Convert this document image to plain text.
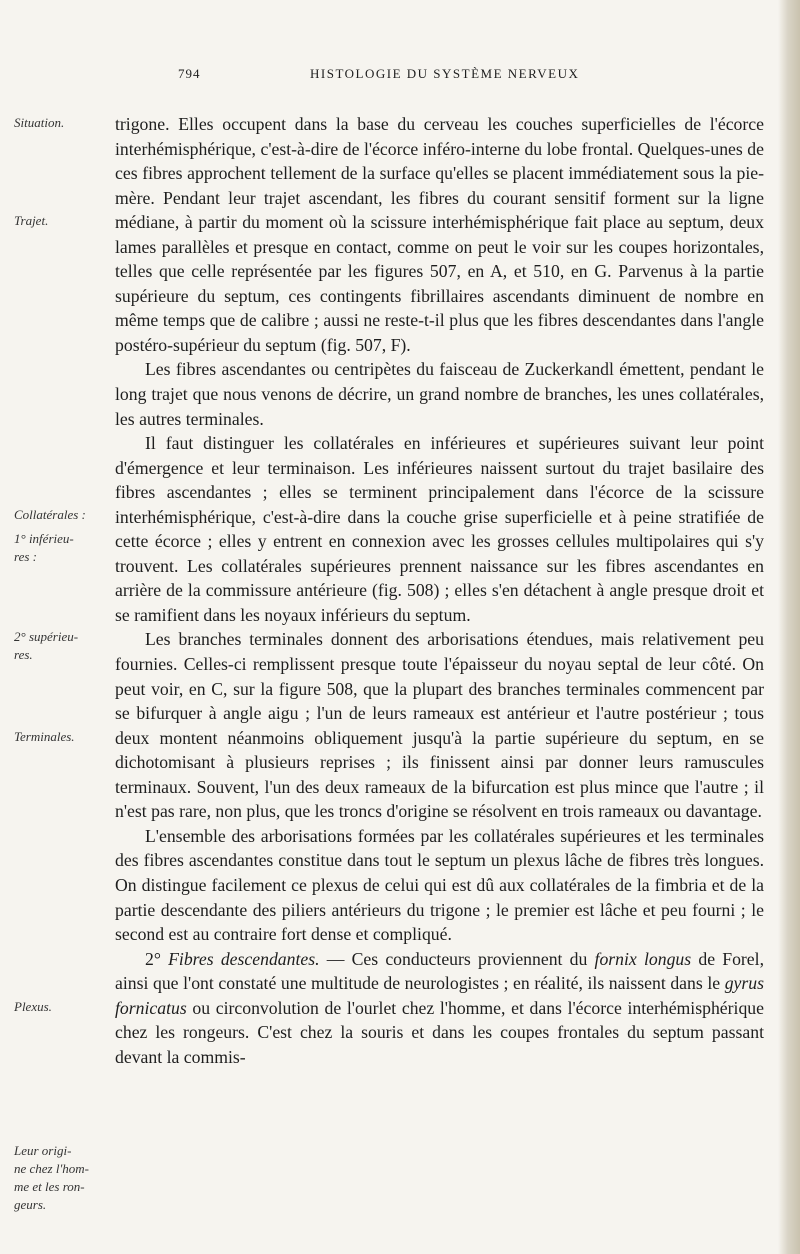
794	HISTOLOGIE DU SYSTÈME NERVEUX
Situation.
Trajet.
Collatérales :
1° inférieu-
res :
2° supérieu-
res.
Terminales.
Plexus.
Leur origi-
ne chez l'hom-
me et les ron-
geurs.

trigone. Elles occupent dans la base du cerveau les couches superficielles de l'écorce interhémisphérique, c'est-à-dire de l'écorce inféro-interne du lobe frontal. Quelques-unes de ces fibres approchent tellement de la surface qu'elles se placent immédiatement sous la pie-mère. Pendant leur trajet ascendant, les fibres du courant sensitif forment sur la ligne médiane, à partir du moment où la scissure interhémisphérique fait place au septum, deux lames parallèles et presque en contact, comme on peut le voir sur les coupes horizontales, telles que celle représentée par les figures 507, en A, et 510, en G. Parvenus à la partie supérieure du septum, ces contingents fibrillaires ascendants diminuent de nombre en même temps que de calibre ; aussi ne reste-t-il plus que les fibres descendantes dans l'angle postéro-supérieur du septum (fig. 507, F).

Les fibres ascendantes ou centripètes du faisceau de Zuckerkandl émettent, pendant le long trajet que nous venons de décrire, un grand nombre de branches, les unes collatérales, les autres terminales.

Il faut distinguer les collatérales en inférieures et supérieures suivant leur point d'émergence et leur terminaison. Les inférieures naissent surtout du trajet basilaire des fibres ascendantes ; elles se terminent principalement dans l'écorce de la scissure interhémisphérique, c'est-à-dire dans la couche grise superficielle et à peine stratifiée de cette écorce ; elles y entrent en connexion avec les grosses cellules multipolaires qui s'y trouvent. Les collatérales supérieures prennent naissance sur les fibres ascendantes en arrière de la commissure antérieure (fig. 508) ; elles s'en détachent à angle presque droit et se ramifient dans les noyaux inférieurs du septum.

Les branches terminales donnent des arborisations étendues, mais relativement peu fournies. Celles-ci remplissent presque toute l'épaisseur du noyau septal de leur côté. On peut voir, en C, sur la figure 508, que la plupart des branches terminales commencent par se bifurquer à angle aigu ; l'un de leurs rameaux est antérieur et l'autre postérieur ; tous deux montent néanmoins obliquement jusqu'à la partie supérieure du septum, en se dichotomisant à plusieurs reprises ; ils finissent ainsi par donner leurs ramuscules terminaux. Souvent, l'un des deux rameaux de la bifurcation est plus mince que l'autre ; il n'est pas rare, non plus, que les troncs d'origine se résolvent en trois rameaux ou davantage.

L'ensemble des arborisations formées par les collatérales supérieures et les terminales des fibres ascendantes constitue dans tout le septum un plexus lâche de fibres très longues. On distingue facilement ce plexus de celui qui est dû aux collatérales de la fimbria et de la partie descendante des piliers antérieurs du trigone ; le premier est lâche et peu fourni ; le second est au contraire fort dense et compliqué.

2° Fibres descendantes. — Ces conducteurs proviennent du fornix longus de Forel, ainsi que l'ont constaté une multitude de neurologistes ; en réalité, ils naissent dans le gyrus fornicatus ou circonvolution de l'ourlet chez l'homme, et dans l'écorce interhémisphérique chez les rongeurs. C'est chez la souris et dans les coupes frontales du septum passant devant la commis-
